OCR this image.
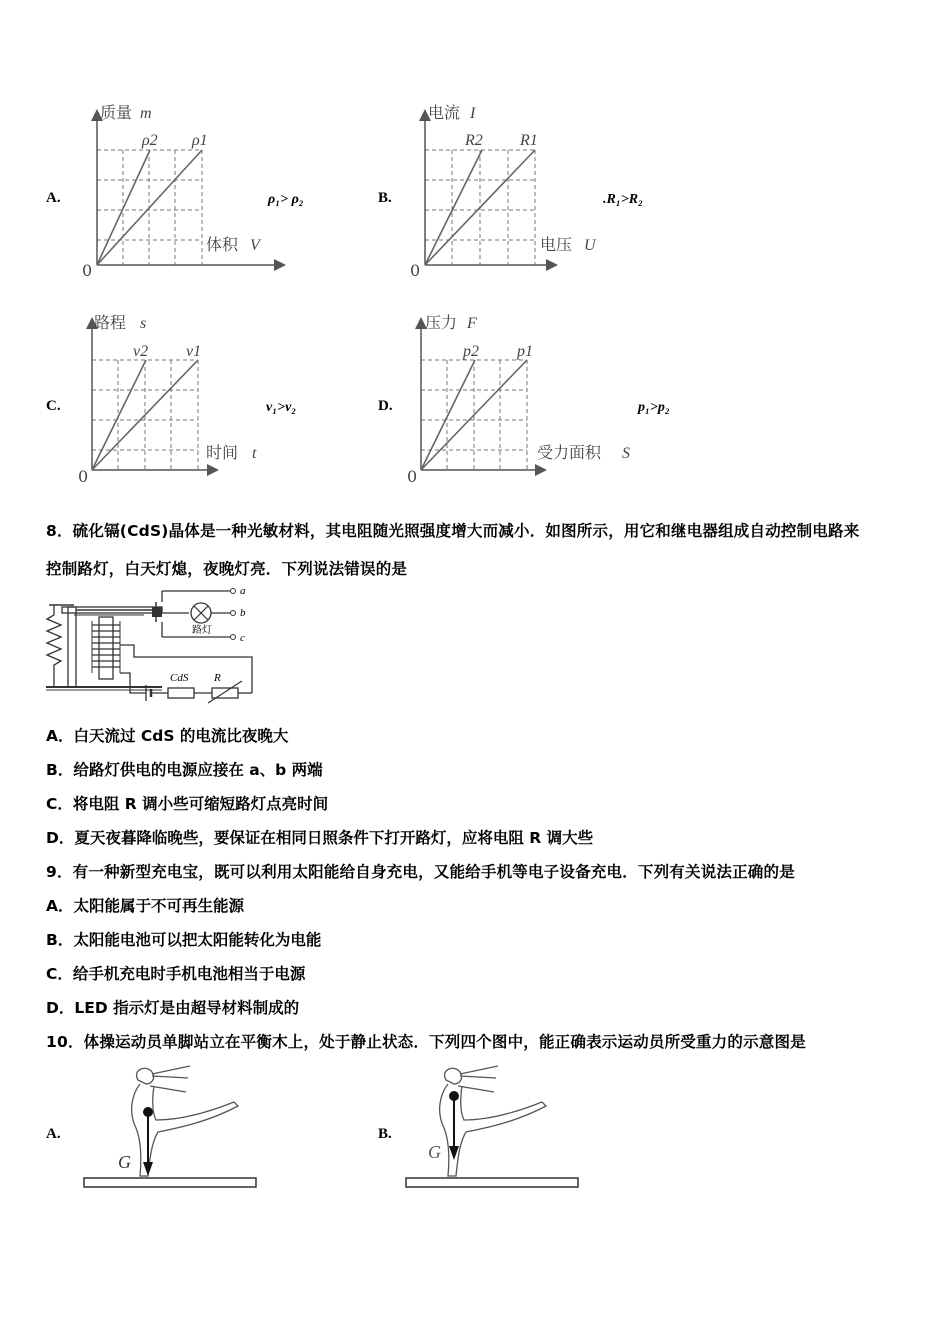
A.
质量 m
ρ2 ρ1
体积 V
0
ρ₁> ρ₂	B.
电流 I
R2 R1
电压 U
0
.R₁>R₂
C.
路程 s
v2 v1
时间 t
0
v₁>v₂	D.
压力 F
p2 p1
受力面积 S
0
p₁>p₂
8．硫化镉(CdS)晶体是一种光敏材料，其电阻随光照强度增大而减小．如图所示，用它和继电器组成自动控制电路来
控制路灯，白天灯熄，夜晚灯亮．下列说法错误的是
a
b
c
路灯
CdS R
A．白天流过 CdS 的电流比夜晚大
B．给路灯供电的电源应接在 a、b 两端
C．将电阻 R 调小些可缩短路灯点亮时间
D．夏天夜暮降临晚些，要保证在相同日照条件下打开路灯，应将电阻 R 调大些
9．有一种新型充电宝，既可以利用太阳能给自身充电，又能给手机等电子设备充电．下列有关说法正确的是
A．太阳能属于不可再生能源
B．太阳能电池可以把太阳能转化为电能
C．给手机充电时手机电池相当于电源
D．LED 指示灯是由超导材料制成的
10．体操运动员单脚站立在平衡木上，处于静止状态．下列四个图中，能正确表示运动员所受重力的示意图是
A.
G
B.
G
